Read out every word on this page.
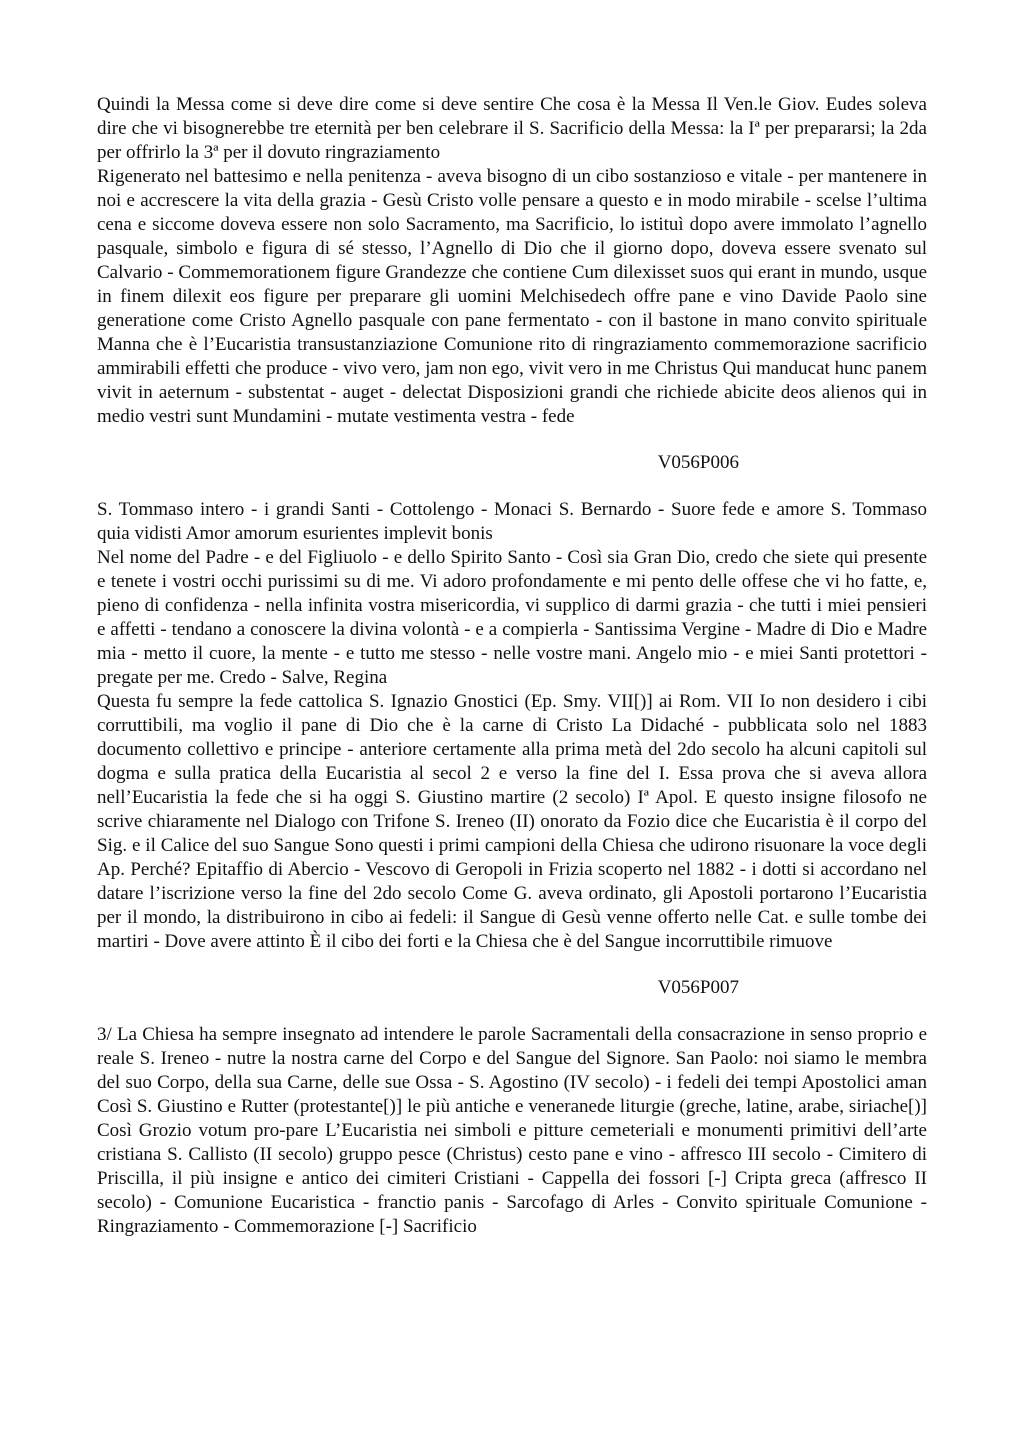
Quindi la Messa come si deve dire come si deve sentire Che cosa è la Messa Il Ven.le Giov. Eudes soleva dire che vi bisognerebbe tre eternità per ben celebrare il S. Sacrificio della Messa: la Iª per prepararsi; la 2da per offrirlo la 3ª per il dovuto ringraziamento

Rigenerato nel battesimo e nella penitenza - aveva bisogno di un cibo sostanzioso e vitale - per mantenere in noi e accrescere la vita della grazia - Gesù Cristo volle pensare a questo e in modo mirabile - scelse l’ultima cena e siccome doveva essere non solo Sacramento, ma Sacrificio, lo istituì dopo avere immolato l’agnello pasquale, simbolo e figura di sé stesso, l’Agnello di Dio che il giorno dopo, doveva essere svenato sul Calvario - Commemorationem figure Grandezze che contiene Cum dilexisset suos qui erant in mundo, usque in finem dilexit eos figure per preparare gli uomini Melchisedech offre pane e vino Davide Paolo sine generatione come Cristo Agnello pasquale con pane fermentato - con il bastone in mano convito spirituale Manna che è l’Eucaristia transustanziazione Comunione rito di ringraziamento commemorazione sacrificio ammirabili effetti che produce - vivo vero, jam non ego, vivit vero in me Christus Qui manducat hunc panem vivit in aeternum - substentat - auget - delectat Disposizioni grandi che richiede abicite deos alienos qui in medio vestri sunt Mundamini - mutate vestimenta vestra - fede

V056P006

S. Tommaso intero - i grandi Santi - Cottolengo - Monaci S. Bernardo - Suore fede e amore S. Tommaso quia vidisti Amor amorum esurientes implevit bonis

Nel nome del Padre - e del Figliuolo - e dello Spirito Santo - Così sia Gran Dio, credo che siete qui presente e tenete i vostri occhi purissimi su di me. Vi adoro profondamente e mi pento delle offese che vi ho fatte, e, pieno di confidenza - nella infinita vostra misericordia, vi supplico di darmi grazia - che tutti i miei pensieri e affetti - tendano a conoscere la divina volontà - e a compierla - Santissima Vergine - Madre di Dio e Madre mia - metto il cuore, la mente - e tutto me stesso - nelle vostre mani. Angelo mio - e miei Santi protettori - pregate per me. Credo - Salve, Regina

Questa fu sempre la fede cattolica S. Ignazio Gnostici (Ep. Smy. VII[)] ai Rom. VII Io non desidero i cibi corruttibili, ma voglio il pane di Dio che è la carne di Cristo La Didaché - pubblicata solo nel 1883 documento collettivo e principe - anteriore certamente alla prima metà del 2do secolo ha alcuni capitoli sul dogma e sulla pratica della Eucaristia al secol 2 e verso la fine del I. Essa prova che si aveva allora nell’Eucaristia la fede che si ha oggi S. Giustino martire (2 secolo) Iª Apol. E questo insigne filosofo ne scrive chiaramente nel Dialogo con Trifone S. Ireneo (II) onorato da Fozio dice che Eucaristia è il corpo del Sig. e il Calice del suo Sangue Sono questi i primi campioni della Chiesa che udirono risuonare la voce degli Ap. Perché? Epitaffio di Abercio - Vescovo di Geropoli in Frizia scoperto nel 1882 - i dotti si accordano nel datare l’iscrizione verso la fine del 2do secolo Come G. aveva ordinato, gli Apostoli portarono l’Eucaristia per il mondo, la distribuirono in cibo ai fedeli: il Sangue di Gesù venne offerto nelle Cat. e sulle tombe dei martiri - Dove avere attinto È il cibo dei forti e la Chiesa che è del Sangue incorruttibile rimuove

V056P007

3/ La Chiesa ha sempre insegnato ad intendere le parole Sacramentali della consacrazione in senso proprio e reale S. Ireneo - nutre la nostra carne del Corpo e del Sangue del Signore. San Paolo: noi siamo le membra del suo Corpo, della sua Carne, delle sue Ossa - S. Agostino (IV secolo) - i fedeli dei tempi Apostolici aman Così S. Giustino e Rutter (protestante[)] le più antiche e veneranede liturgie (greche, latine, arabe, siriache[)] Così Grozio votum pro-pare L’Eucaristia nei simboli e pitture cemeteriali e monumenti primitivi dell’arte cristiana S. Callisto (II secolo) gruppo pesce (Christus) cesto pane e vino - affresco III secolo - Cimitero di Priscilla, il più insigne e antico dei cimiteri Cristiani - Cappella dei fossori [-] Cripta greca (affresco II secolo) - Comunione Eucaristica - franctio panis - Sarcofago di Arles - Convito spirituale Comunione - Ringraziamento - Commemorazione [-] Sacrificio
